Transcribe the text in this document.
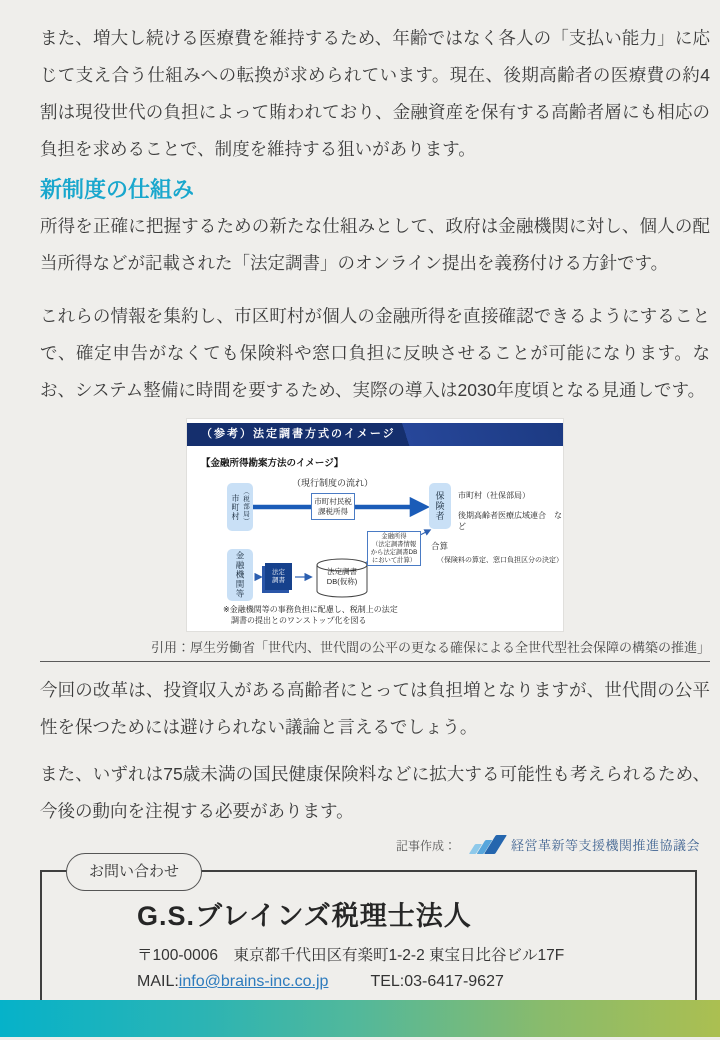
また、増大し続ける医療費を維持するため、年齢ではなく各人の「支払い能力」に応じて支え合う仕組みへの転換が求められています。現在、後期高齢者の医療費の約4割は現役世代の負担によって賄われており、金融資産を保有する高齢者層にも相応の負担を求めることで、制度を維持する狙いがあります。

新制度の仕組み

所得を正確に把握するための新たな仕組みとして、政府は金融機関に対し、個人の配当所得などが記載された「法定調書」のオンライン提出を義務付ける方針です。

これらの情報を集約し、市区町村が個人の金融所得を直接確認できるようにすることで、確定申告がなくても保険料や窓口負担に反映させることが可能になります。なお、システム整備に時間を要するため、実際の導入は2030年度頃となる見通しです。

（参考）法定調書方式のイメージ
【金融所得勘案方法のイメージ】
市町村 （税部局）
（現行制度の流れ）
市町村民税
課税所得	保険者 市町村（社保部局）
後期高齢者医療広域連合　など
金融所得
（法定調書情報
から法定調書DB
において計算）
合算
（保険料の算定、窓口負担区分の決定）
金融機関等	法定
調書
法定調書
DB(仮称)
※金融機関等の事務負担に配慮し、税制上の法定
　調書の提出とのワンストップ化を図る
引用：厚生労働省「世代内、世代間の公平の更なる確保による全世代型社会保障の構築の推進」

今回の改革は、投資収入がある高齢者にとっては負担増となりますが、世代間の公平性を保つためには避けられない議論と言えるでしょう。

また、いずれは75歳未満の国民健康保険料などに拡大する可能性も考えられるため、今後の動向を注視する必要があります。

記事作成：	経営革新等支援機関推進協議会
お問い合わせ
G.S.ブレインズ税理士法人
〒100-0006　東京都千代田区有楽町1-2-2 東宝日比谷ビル17F
MAIL:info@brains-inc.co.jp	TEL:03-6417-9627
